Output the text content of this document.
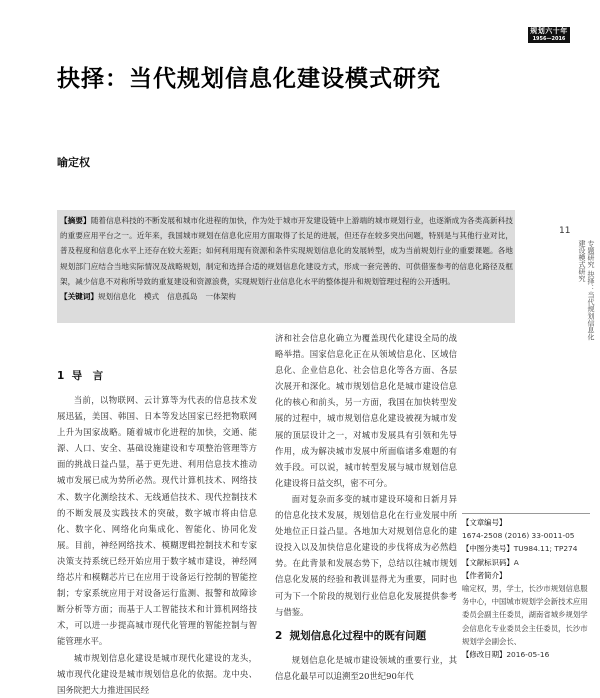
规划六十年
1956—2016
抉择：当代规划信息化建设模式研究
喻定权
【摘要】随着信息科技的不断发展和城市化进程的加快，作为处于城市开发建设链中上游端的城市规划行业，也逐渐成为各类高新科技的重要应用平台之一。近年来，我国城市规划在信息化应用方面取得了长足的进展，但还存在较多突出问题，特别是与其他行业对比，普及程度和信息化水平上还存在较大差距；如何利用现有资源和条件实现规划信息化的发展转型，成为当前规划行业的重要课题。各地规划部门应结合当地实际情况及战略规划，制定和选择合适的规划信息化建设方式，形成一套完善的、可供借鉴参考的信息化路径及框架，减少信息不对称所导致的重复建设和资源浪费，实现规划行业信息化水平的整体提升和规划管理过程的公开透明。
【关键词】规划信息化 模式 信息孤岛 一体架构
11
专题研究 抉择：当代规划信息化建设模式研究
1 导　言

当前，以物联网、云计算等为代表的信息技术发展迅猛，美国、韩国、日本等发达国家已经把物联网上升为国家战略。随着城市化进程的加快，交通、能源、人口、安全、基础设施建设和专项整治管理等方面的挑战日益凸显，基于更先进、利用信息技术推动城市发展已成为势所必然。现代计算机技术、网络技术、数字化测绘技术、无线通信技术、现代控制技术的不断发展及实践技术的突破，数字城市将由信息化、数字化、网络化向集成化、智能化、协同化发展。目前，神经网络技术、模糊逻辑控制技术和专家决策支持系统已经开始应用于数字城市建设，神经网络芯片和模糊芯片已在应用于设备运行控制的智能控制；专家系统应用于对设备运行监测、报警和故障诊断分析等方面；而基于人工智能技术和计算机网络技术，可以进一步提高城市现代化管理的智能控制与智能管理水平。

城市规划信息化建设是城市现代化建设的龙头，城市现代化建设是城市规划信息化的依据。龙中央、国务院把大力推进国民经

济和社会信息化确立为覆盖现代化建设全局的战略举措。国家信息化正在从领域信息化、区域信息化、企业信息化、社会信息化等各方面、各层次展开和深化。城市规划信息化是城市建设信息化的核心和前头，另一方面，我国在加快转型发展的过程中，城市规划信息化建设被视为城市发展的顶层设计之一，对城市发展具有引领和先导作用，成为解决城市发展中所面临诸多难题的有效手段。可以说，城市转型发展与城市规划信息化建设将日益交织，密不可分。

面对复杂而多变的城市建设环境和日新月异的信息化技术发展，规划信息化在行业发展中所处地位正日益凸显。各地加大对规划信息化的建设投入以及加快信息化建设的步伐将成为必然趋势。在此背景和发展态势下，总结以往城市规划信息化发展的经验和教训显得尤为重要，同时也可为下一个阶段的规划行业信息化发展提供参考与借鉴。

2 规划信息化过程中的既有问题

规划信息化是城市建设领域的重要行业，其信息化最早可以追溯至20世纪90年代

【文章编号】
1674-2508 (2016) 33-0011-05
【中图分类号】TU984.11; TP274
【文献标识码】A
【作者简介】
喻定权，男，学士，长沙市规划信息服务中心，中国城市规划学会新技术应用委员会副主任委员，湖南省城乡规划学会信息化专业委员会主任委员，长沙市规划学会副会长、
【修改日期】2016-05-16
